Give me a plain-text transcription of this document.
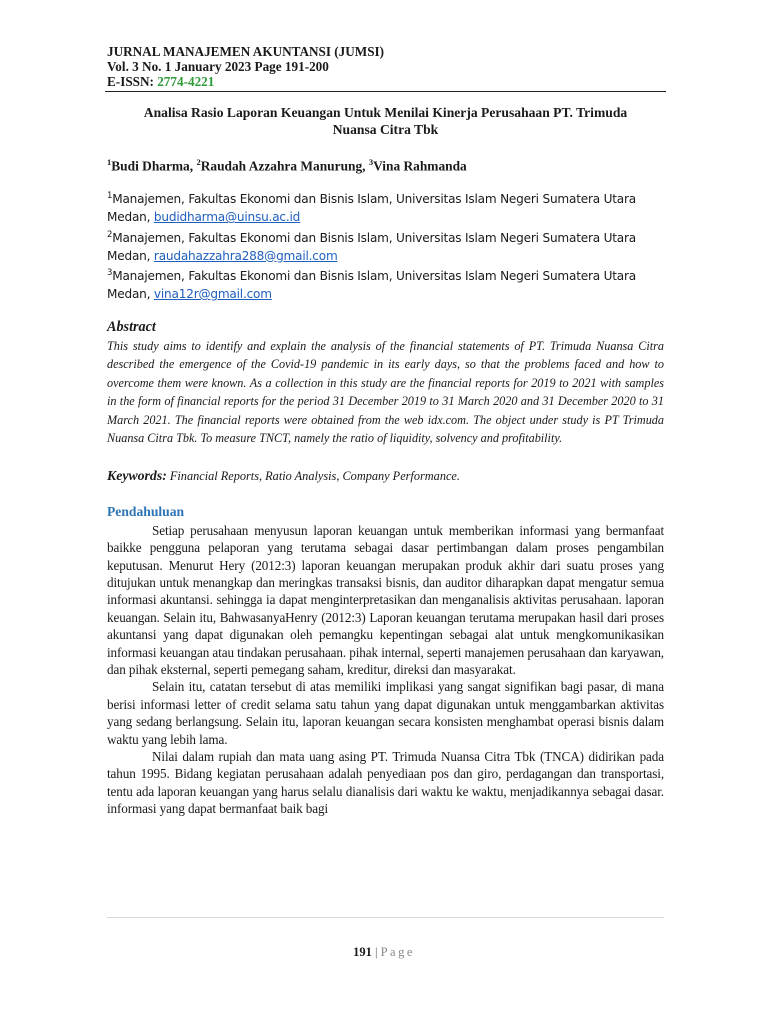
JURNAL MANAJEMEN AKUNTANSI (JUMSI)
Vol. 3 No. 1 January 2023 Page 191-200
E-ISSN: 2774-4221
Analisa Rasio Laporan Keuangan Untuk Menilai Kinerja Perusahaan PT. Trimuda Nuansa Citra Tbk
$^1$Budi Dharma, $^2$Raudah Azzahra Manurung, $^3$Vina Rahmanda
$^1$Manajemen, Fakultas Ekonomi dan Bisnis Islam, Universitas Islam Negeri Sumatera Utara Medan, budidharma@uinsu.ac.id
$^2$Manajemen, Fakultas Ekonomi dan Bisnis Islam, Universitas Islam Negeri Sumatera Utara Medan, raudahazzahra288@gmail.com
$^3$Manajemen, Fakultas Ekonomi dan Bisnis Islam, Universitas Islam Negeri Sumatera Utara Medan, vina12r@gmail.com
Abstract
This study aims to identify and explain the analysis of the financial statements of PT. Trimuda Nuansa Citra described the emergence of the Covid-19 pandemic in its early days, so that the problems faced and how to overcome them were known. As a collection in this study are the financial reports for 2019 to 2021 with samples in the form of financial reports for the period 31 December 2019 to 31 March 2020 and 31 December 2020 to 31 March 2021. The financial reports were obtained from the web idx.com. The object under study is PT Trimuda Nuansa Citra Tbk. To measure TNCT, namely the ratio of liquidity, solvency and profitability.
Keywords: Financial Reports, Ratio Analysis, Company Performance.
Pendahuluan

Setiap perusahaan menyusun laporan keuangan untuk memberikan informasi yang bermanfaat baikke pengguna pelaporan yang terutama sebagai dasar pertimbangan dalam proses pengambilan keputusan. Menurut Hery (2012:3) laporan keuangan merupakan produk akhir dari suatu proses yang ditujukan untuk menangkap dan meringkas transaksi bisnis, dan auditor diharapkan dapat mengatur semua informasi akuntansi. sehingga ia dapat menginterpretasikan dan menganalisis aktivitas perusahaan. laporan keuangan. Selain itu, BahwasanyaHenry (2012:3) Laporan keuangan terutama merupakan hasil dari proses akuntansi yang dapat digunakan oleh pemangku kepentingan sebagai alat untuk mengkomunikasikan informasi keuangan atau tindakan perusahaan. pihak internal, seperti manajemen perusahaan dan karyawan, dan pihak eksternal, seperti pemegang saham, kreditur, direksi dan masyarakat.

Selain itu, catatan tersebut di atas memiliki implikasi yang sangat signifikan bagi pasar, di mana berisi informasi letter of credit selama satu tahun yang dapat digunakan untuk menggambarkan aktivitas yang sedang berlangsung. Selain itu, laporan keuangan secara konsisten menghambat operasi bisnis dalam waktu yang lebih lama.

Nilai dalam rupiah dan mata uang asing PT. Trimuda Nuansa Citra Tbk (TNCA) didirikan pada tahun 1995. Bidang kegiatan perusahaan adalah penyediaan pos dan giro, perdagangan dan transportasi, tentu ada laporan keuangan yang harus selalu dianalisis dari waktu ke waktu, menjadikannya sebagai dasar. informasi yang dapat bermanfaat baik bagi

191 | Page
